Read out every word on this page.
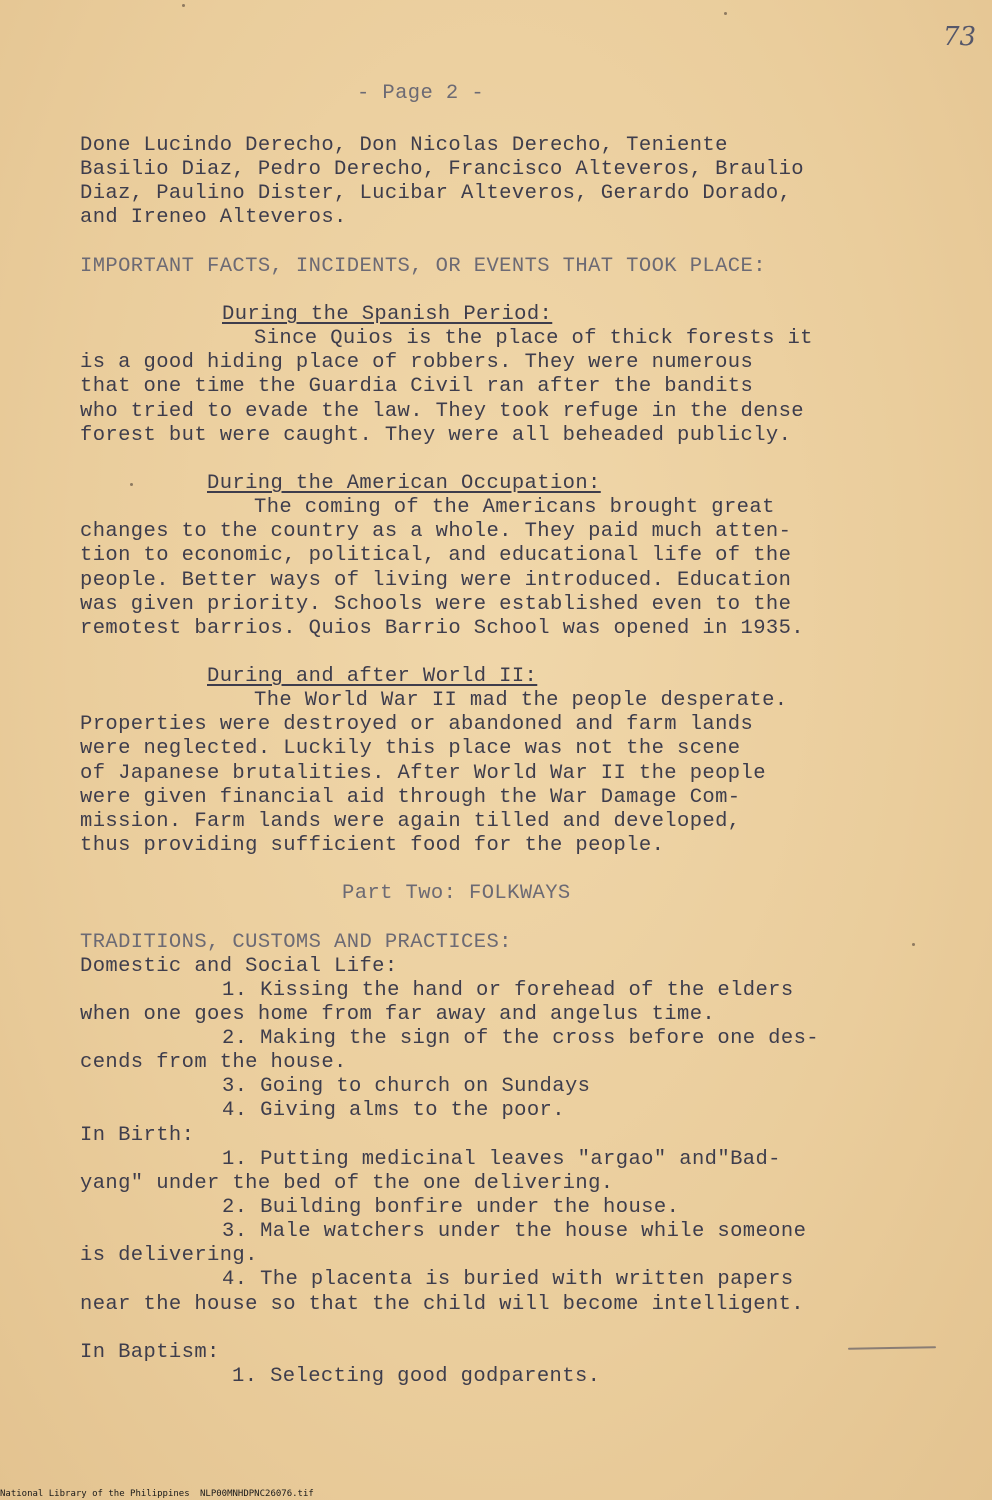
73
- Page 2 -
Done Lucindo Derecho, Don Nicolas Derecho, Teniente
Basilio Diaz, Pedro Derecho, Francisco Alteveros, Braulio
Diaz, Paulino Dister, Lucibar Alteveros, Gerardo Dorado,
and Ireneo Alteveros.
IMPORTANT FACTS, INCIDENTS, OR EVENTS THAT TOOK PLACE:
During the Spanish Period:
Since Quios is the place of thick forests it
is a good hiding place of robbers. They were numerous
that one time the Guardia Civil ran after the bandits
who tried to evade the law. They took refuge in the dense
forest but were caught. They were all beheaded publicly.
During the American Occupation:
The coming of the Americans brought great
changes to the country as a whole. They paid much atten-
tion to economic, political, and educational life of the
people. Better ways of living were introduced. Education
was given priority. Schools were established even to the
remotest barrios. Quios Barrio School was opened in 1935.
During and after World II:
The World War II mad the people desperate.
Properties were destroyed or abandoned and farm lands
were neglected. Luckily this place was not the scene
of Japanese brutalities. After World War II the people
were given financial aid through the War Damage Com-
mission. Farm lands were again tilled and developed,
thus providing sufficient food for the people.
Part Two: FOLKWAYS
TRADITIONS, CUSTOMS AND PRACTICES:
Domestic and Social Life:
1. Kissing the hand or forehead of the elders
when one goes home from far away and angelus time.
2. Making the sign of the cross before one des-
cends from the house.
3. Going to church on Sundays
4. Giving alms to the poor.
In Birth:
1. Putting medicinal leaves "argao" and"Bad-
yang" under the bed of the one delivering.
2. Building bonfire under the house.
3. Male watchers under the house while someone
is delivering.
4. The placenta is buried with written papers
near the house so that the child will become intelligent.
In Baptism:
1. Selecting good godparents.
National Library of the Philippines NLP00MNHDPNC26076.tif
